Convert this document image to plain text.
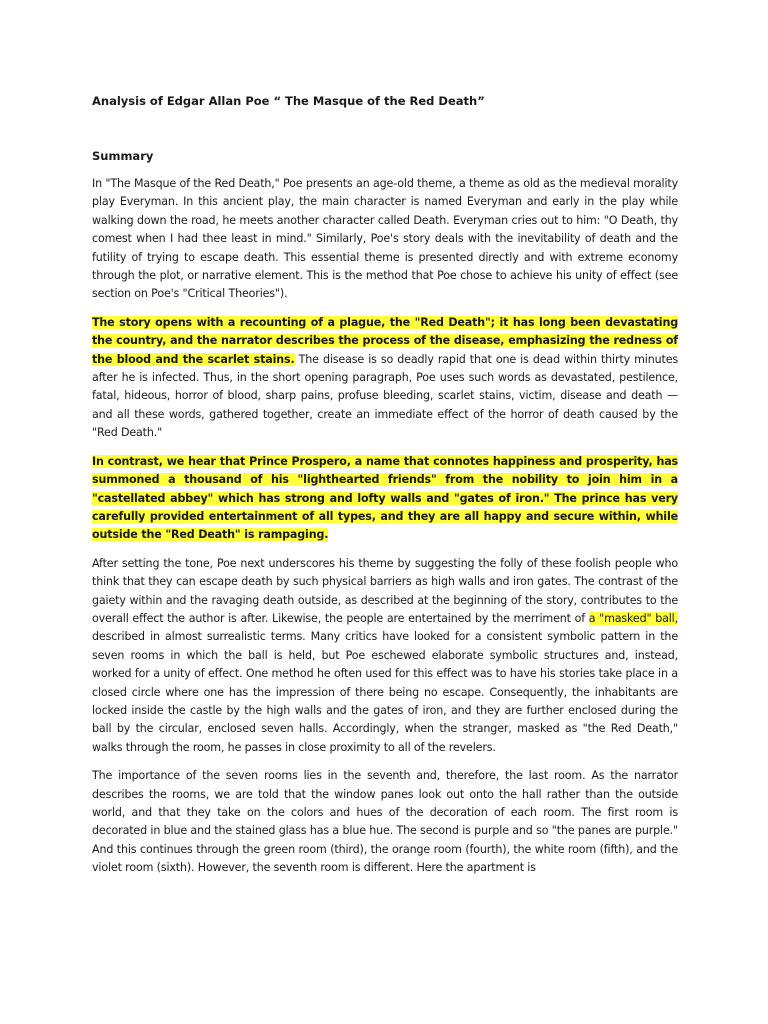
Analysis of Edgar Allan Poe “ The Masque of the Red Death”
Summary

In "The Masque of the Red Death," Poe presents an age-old theme, a theme as old as the medieval morality play Everyman. In this ancient play, the main character is named Everyman and early in the play while walking down the road, he meets another character called Death. Everyman cries out to him: "O Death, thy comest when I had thee least in mind." Similarly, Poe's story deals with the inevitability of death and the futility of trying to escape death. This essential theme is presented directly and with extreme economy through the plot, or narrative element. This is the method that Poe chose to achieve his unity of effect (see section on Poe's "Critical Theories").

The story opens with a recounting of a plague, the "Red Death"; it has long been devastating the country, and the narrator describes the process of the disease, emphasizing the redness of the blood and the scarlet stains. The disease is so deadly rapid that one is dead within thirty minutes after he is infected. Thus, in the short opening paragraph, Poe uses such words as devastated, pestilence, fatal, hideous, horror of blood, sharp pains, profuse bleeding, scarlet stains, victim, disease and death — and all these words, gathered together, create an immediate effect of the horror of death caused by the "Red Death."

In contrast, we hear that Prince Prospero, a name that connotes happiness and prosperity, has summoned a thousand of his "lighthearted friends" from the nobility to join him in a "castellated abbey" which has strong and lofty walls and "gates of iron." The prince has very carefully provided entertainment of all types, and they are all happy and secure within, while outside the "Red Death" is rampaging.

After setting the tone, Poe next underscores his theme by suggesting the folly of these foolish people who think that they can escape death by such physical barriers as high walls and iron gates. The contrast of the gaiety within and the ravaging death outside, as described at the beginning of the story, contributes to the overall effect the author is after. Likewise, the people are entertained by the merriment of a "masked" ball, described in almost surrealistic terms. Many critics have looked for a consistent symbolic pattern in the seven rooms in which the ball is held, but Poe eschewed elaborate symbolic structures and, instead, worked for a unity of effect. One method he often used for this effect was to have his stories take place in a closed circle where one has the impression of there being no escape. Consequently, the inhabitants are locked inside the castle by the high walls and the gates of iron, and they are further enclosed during the ball by the circular, enclosed seven halls. Accordingly, when the stranger, masked as "the Red Death," walks through the room, he passes in close proximity to all of the revelers.

The importance of the seven rooms lies in the seventh and, therefore, the last room. As the narrator describes the rooms, we are told that the window panes look out onto the hall rather than the outside world, and that they take on the colors and hues of the decoration of each room. The first room is decorated in blue and the stained glass has a blue hue. The second is purple and so "the panes are purple." And this continues through the green room (third), the orange room (fourth), the white room (fifth), and the violet room (sixth). However, the seventh room is different. Here the apartment is
